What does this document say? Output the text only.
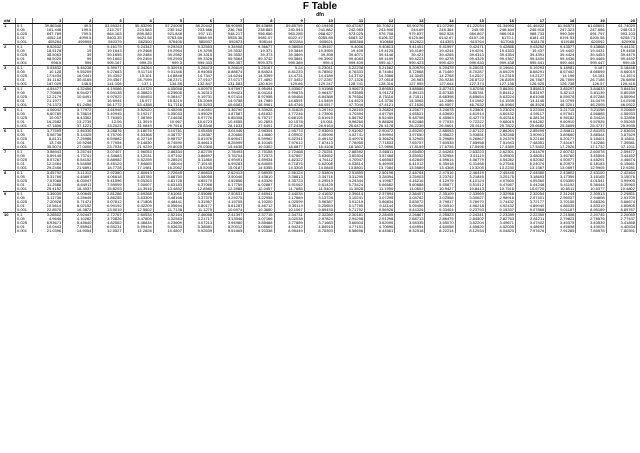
F Table
dfn
dfd		1	2	3	4	5	6	7	8	9	10	11	12	13	14	15	16	17	18	19	20
1	0.1	39.86346	49.5	53.59324	55.83296	57.24008	58.20442	58.90595	59.43898	59.85759	60.19498	60.47287	60.70521	60.90276	61.07296	61.22034	61.34993	61.46422	61.56573	61.65691	61.74029
	0.05	161.448	199.5	215.707	224.583	230.162	233.986	236.768	238.883	240.543	241.882	242.983	243.906	244.69	245.364	245.95	246.464	246.918	247.323	247.686	248.013
	0.025	647.789	799.5	864.163	899.583	921.848	937.111	948.217	956.656	963.285	968.627	973.025	976.708	979.837	982.528	984.867	986.918	988.733	990.349	991.797	993.103
	0.01	4052.18	4999.5	5403.35	5624.58	5763.65	5858.99	5928.36	5981.07	6022.47	6055.85	6083.32	6106.32	6125.86	6142.67	6157.28	6170.1	6181.43	6191.53	6200.58	6208.73
	0.001	405284	499999	540379	562500	576405	585937	592873	598144	602284	605621	608368	610668	612622	614303	615764	617045	618178	619188	620092	620908
2	0.1	8.52632	9	9.16179	9.24342	9.29263	9.32553	9.34908	9.36677	9.38054	9.39157	9.4006	9.40813	9.41451	9.41997	9.42471	9.42886	9.43252	9.43577	9.43868	9.44131
	0.05	18.5128	19	19.1643	19.2468	19.2964	19.3295	19.3532	19.371	19.3848	19.3959	19.405	19.4125	19.4189	19.4244	19.4291	19.4333	19.437	19.4402	19.4431	19.4458
	0.025	38.5063	39	39.1655	39.2484	39.2982	39.3315	39.3552	39.373	39.3869	39.398	39.4071	39.4146	39.421	39.4265	39.4313	39.4354	39.4391	39.4424	39.4453	39.4479
	0.01	98.5025	99	99.1662	99.2494	99.2993	99.3326	99.3564	99.3742	99.3881	99.3992	99.4083	99.4159	99.4223	99.4278	99.4325	99.4367	99.4404	99.4436	99.4465	99.4492
	0.001	998.5	999	999.167	999.25	999.3	999.333	999.357	999.375	999.389	999.4	999.409	999.417	999.423	999.429	999.433	999.438	999.441	999.444	999.447	999.45
3	0.1	5.53832	5.46238	5.39077	5.34264	5.30916	5.28473	5.26619	5.25167	5.24	5.23041	5.22238	5.21562	5.20979	5.20475	5.20031	5.19641	5.19293	5.18981	5.187	5.18446
	0.05	10.128	9.55209	9.27663	9.11718	9.01346	8.94065	8.88674	8.84524	8.81233	8.78552	8.76333	8.74464	8.72868	8.71489	8.70287	8.69229	8.68291	8.67452	8.66699	8.66019
	0.025	17.4434	16.0441	15.4392	15.101	14.8848	14.7347	14.6244	14.5399	14.4731	14.4189	14.3742	14.3366	14.3045	14.2768	14.2527	14.2315	14.2127	14.196	14.181	14.1674
	0.01	34.1162	30.8165	29.4567	28.7099	28.2371	27.9107	27.6717	27.4892	27.3452	27.2287	27.1326	27.0518	26.983	26.9238	26.8722	26.8269	26.7867	26.7509	26.7188	26.6898
	0.001	167.029	148.5	141.108	137.1	134.58	132.847	131.583	130.619	129.86	129.247	128.741	128.316	127.955	127.644	127.374	127.136	126.925	126.738	126.57	126.418
4	0.1	4.54477	4.32456	4.19086	4.10725	4.05058	4.00975	3.97897	3.95494	3.93567	3.91988	3.90673	3.89553	3.88586	3.87743	3.87036	3.86391	3.85813	3.85297	3.84833	3.84434
	0.05	7.70865	6.94427	6.59138	6.38823	6.25606	6.16313	6.09421	6.04104	5.99878	5.96437	5.93585	5.91173	5.89113	5.87338	5.85781	5.84412	5.83197	5.82113	5.81139	5.80259
	0.025	12.2179	10.6491	9.97922	9.60453	9.36447	9.19731	9.07414	8.97958	8.90468	8.84388	8.79354	8.75116	8.71511	8.68398	8.65654	8.63224	8.61048	8.59078	8.57288	8.55994
	0.01	21.1977	18	16.6944	15.977	15.5219	15.2069	14.9758	14.7989	14.6591	14.5459	14.4523	14.3736	14.3065	14.2486	14.1982	14.1539	14.1146	14.0795	14.0478	14.0198
	0.001	74.1373	61.2456	56.1772	53.4358	51.7116	50.5253	49.6583	48.9961	48.4746	48.0517	47.7044	47.4121	47.1636	46.9507	46.7632	46.5984	46.4528	46.3201	46.2005	46.0922
5	0.1	4.06042	3.77972	3.61948	3.52020	3.45298	3.40451	3.36790	3.33928	3.31628	3.29740	3.28163	3.26824	3.25677	3.24678	3.23801	3.23024	3.22334	3.21715	3.21158	3.20665
	0.05	6.60789	5.78614	5.40945	5.19217	5.05033	4.95029	4.87587	4.81832	4.77246	4.73506	4.70394	4.67769	4.65531	4.63600	4.61914	4.60432	4.59117	4.57941	4.56885	4.55933
	0.025	10.007	8.43362	7.76359	7.38789	7.14638	6.97770	6.85308	6.75717	6.68105	6.61915	6.56782	6.52455	6.48758	6.45563	6.42773	6.40316	6.38134	6.36182	6.34428	6.32856
	0.01	16.2582	13.2739	12.06	11.3919	10.967	10.6723	10.4555	10.2893	10.1578	10.051	9.96260	9.88828	9.82488	9.77033	9.72222	9.68015	9.64282	9.60910	9.57926	9.55265
	0.001	47.1806	37.1221	33.2023	31.0849	29.7516	28.8348	28.1633	27.6491	27.2438	26.9164	26.6474	26.4178	26.2239	26.0601	25.9114	25.7822	25.6682	25.5659	25.4737	25.3935
6	0.1	3.77595	3.46330	3.28876	3.18076	3.10751	3.05455	3.01446	2.98304	2.95774	2.93693	2.91952	2.90472	2.89200	2.88093	2.87122	2.86264	2.85499	2.84811	2.84193	2.83634
	0.05	5.98738	5.14325	4.75706	4.53368	4.38737	4.28387	4.20666	4.14680	4.09902	4.05996	4.02741	3.99994	3.97650	3.95622	3.93851	3.92288	3.90901	3.89660	3.88544	3.87529
	0.025	8.8131	7.25986	6.59882	6.22718	5.98757	5.81976	5.69547	5.59962	5.52341	5.46132	5.40976	5.36624	5.32905	5.29685	5.26867	5.24379	5.22164	5.20177	5.18401	5.16811
	0.01	13.745	10.9248	9.77954	9.14830	8.74590	8.46613	8.25999	8.10165	7.97612	7.87413	7.78950	7.71833	7.65757	7.60535	7.55958	7.51943	7.48351	7.45167	7.42286	7.39581
	0.001	35.5074	27.0000	23.7034	21.9239	20.8025	20.0306	19.4636	19.0302	18.6877	18.4108	18.1807	17.9896	17.8199	17.6755	17.5496	17.4389	17.3402	17.2526	17.1732	17.1011
7	0.1	3.58943	3.25744	3.07407	2.96053	2.88334	2.82739	2.78493	2.75158	2.72468	2.70251	2.68392	2.66811	2.65450	2.64264	2.63223	2.62301	2.61479	2.60742	2.60078	2.59477
	0.05	5.59145	4.73741	4.34683	4.12031	3.97152	3.86597	3.78704	3.72573	3.67667	3.63652	3.60304	3.57468	3.55052	3.52954	3.51119	3.49500	3.48051	3.46760	3.45594	3.44452
	0.025	8.07267	6.54152	5.88982	5.52259	5.28524	5.11860	4.99491	4.89934	4.82322	4.76112	4.70947	4.66583	4.62849	4.59614	4.56779	4.54282	4.52062	4.50077	4.48291	4.46674
	0.01	12.2464	9.54658	8.45129	7.84665	7.46044	7.19140	6.99283	6.84005	6.71876	6.62008	6.53814	6.46909	6.41012	6.35918	6.31468	6.27546	6.24074	6.20973	6.18183	6.15661
	0.001	29.2456	21.6891	18.7728	17.1981	16.2062	15.5205	15.0187	14.6355	14.3308	14.0848	13.8801	13.7084	13.5589	13.4308	13.3205	13.2230	13.1367	13.0597	12.9905	12.9281
8	0.1	3.45792	3.11312	2.92380	2.80643	2.72645	2.66833	2.62413	2.58935	2.56124	2.53804	2.51855	2.50196	2.48764	2.47516	2.46419	2.45446	2.44580	2.43802	2.43100	2.42464
	0.05	5.31766	4.45897	4.06618	3.83785	3.68750	3.58058	3.50046	3.43810	3.38813	3.34716	3.31295	3.28394	3.25903	3.23742	3.21845	3.20175	3.18693	3.17359	3.16165	3.15076
	0.025	7.57088	6.05947	5.41596	5.05263	4.81728	4.65170	4.52856	4.43326	4.35723	4.29513	4.24344	4.19967	4.16216	4.12975	4.10124	4.07600	4.05360	4.03350	4.01541	3.99905
	0.01	11.2586	8.64911	7.59099	7.00607	6.63183	6.37068	6.17759	6.02887	5.91062	5.81425	5.73424	5.66682	5.60888	5.55877	5.51512	5.47667	5.44248	5.41192	5.38444	5.35963
	0.001	25.4152	18.4937	15.8293	14.3916	13.4852	12.8580	12.3985	12.0457	11.7685	11.5404	11.3528	11.1950	11.0602	10.9427	10.8413	10.7516	10.6720	10.6011	10.5377	10.4802
9	0.1	3.36030	3.00645	2.81286	2.69268	2.61061	2.55086	2.50531	2.46941	2.44034	2.41632	2.39614	2.37894	2.36407	2.35109	2.33969	2.32958	2.32054	2.31244	2.30513	2.29851
	0.05	5.11736	4.25649	3.86255	3.63309	3.48166	3.37375	3.29275	3.22958	3.17889	3.13728	3.10241	3.07295	3.04762	3.02558	3.00627	2.98916	2.97401	2.96037	2.94808	2.93709
	0.025	7.20928	5.71471	5.07812	4.71808	4.48441	4.31967	4.19705	4.10200	4.02599	3.96387	3.91219	3.86834	3.83072	3.79817	3.76970	3.74432	3.72177	3.70155	3.68326	3.66674
	0.01	10.5614	8.02152	6.99192	6.42209	6.05694	5.80177	5.61287	5.46712	5.35113	5.25653	5.17795	5.11144	5.05456	5.00510	4.96218	4.92432	4.89040	4.86035	4.83319	4.80805
	0.001	22.8570	16.3872	13.9019	12.5602	11.7138	11.1279	10.6974	10.3680	10.1067	9.89433	9.71792	9.56926	9.44326	9.33404	9.23793	9.15337	9.07868	9.01187	8.95189	8.89767
10	0.1	3.28502	2.92447	2.72767	2.60534	2.52164	2.46058	2.41397	2.37715	2.34731	2.32260	2.30181	2.28405	2.26867	2.25523	2.24341	2.23289	2.22350	2.21508	2.20745	2.20050
	0.05	4.9646	4.10282	3.70826	3.47805	3.32583	3.21717	3.13546	3.07166	3.02038	2.97824	2.94298	2.91298	2.88713	2.86475	2.84502	2.82763	2.81211	2.79823	2.78576	2.77437
	0.025	6.93671	5.45640	4.82562	4.46834	4.23609	4.07213	3.94980	3.85488	3.77889	3.71683	3.66504	3.62095	3.58335	3.55070	3.52204	3.49671	3.47402	3.45375	3.43539	3.41858
	0.01	10.0443	7.55943	6.55231	5.99434	5.63633	5.38581	5.20012	5.05669	4.94242	4.84915	4.77151	4.70590	4.64954	4.60058	4.55820	4.52035	4.48693	4.45698	4.43025	4.40534
	0.001	21.0396	14.9054	12.5527	11.2828	10.4807	9.92639	9.51665	9.20338	8.95449	8.75393	8.58696	8.44581	8.32518	8.22214	8.12934	8.04820	7.97676	7.91285	7.85578	7.80391
